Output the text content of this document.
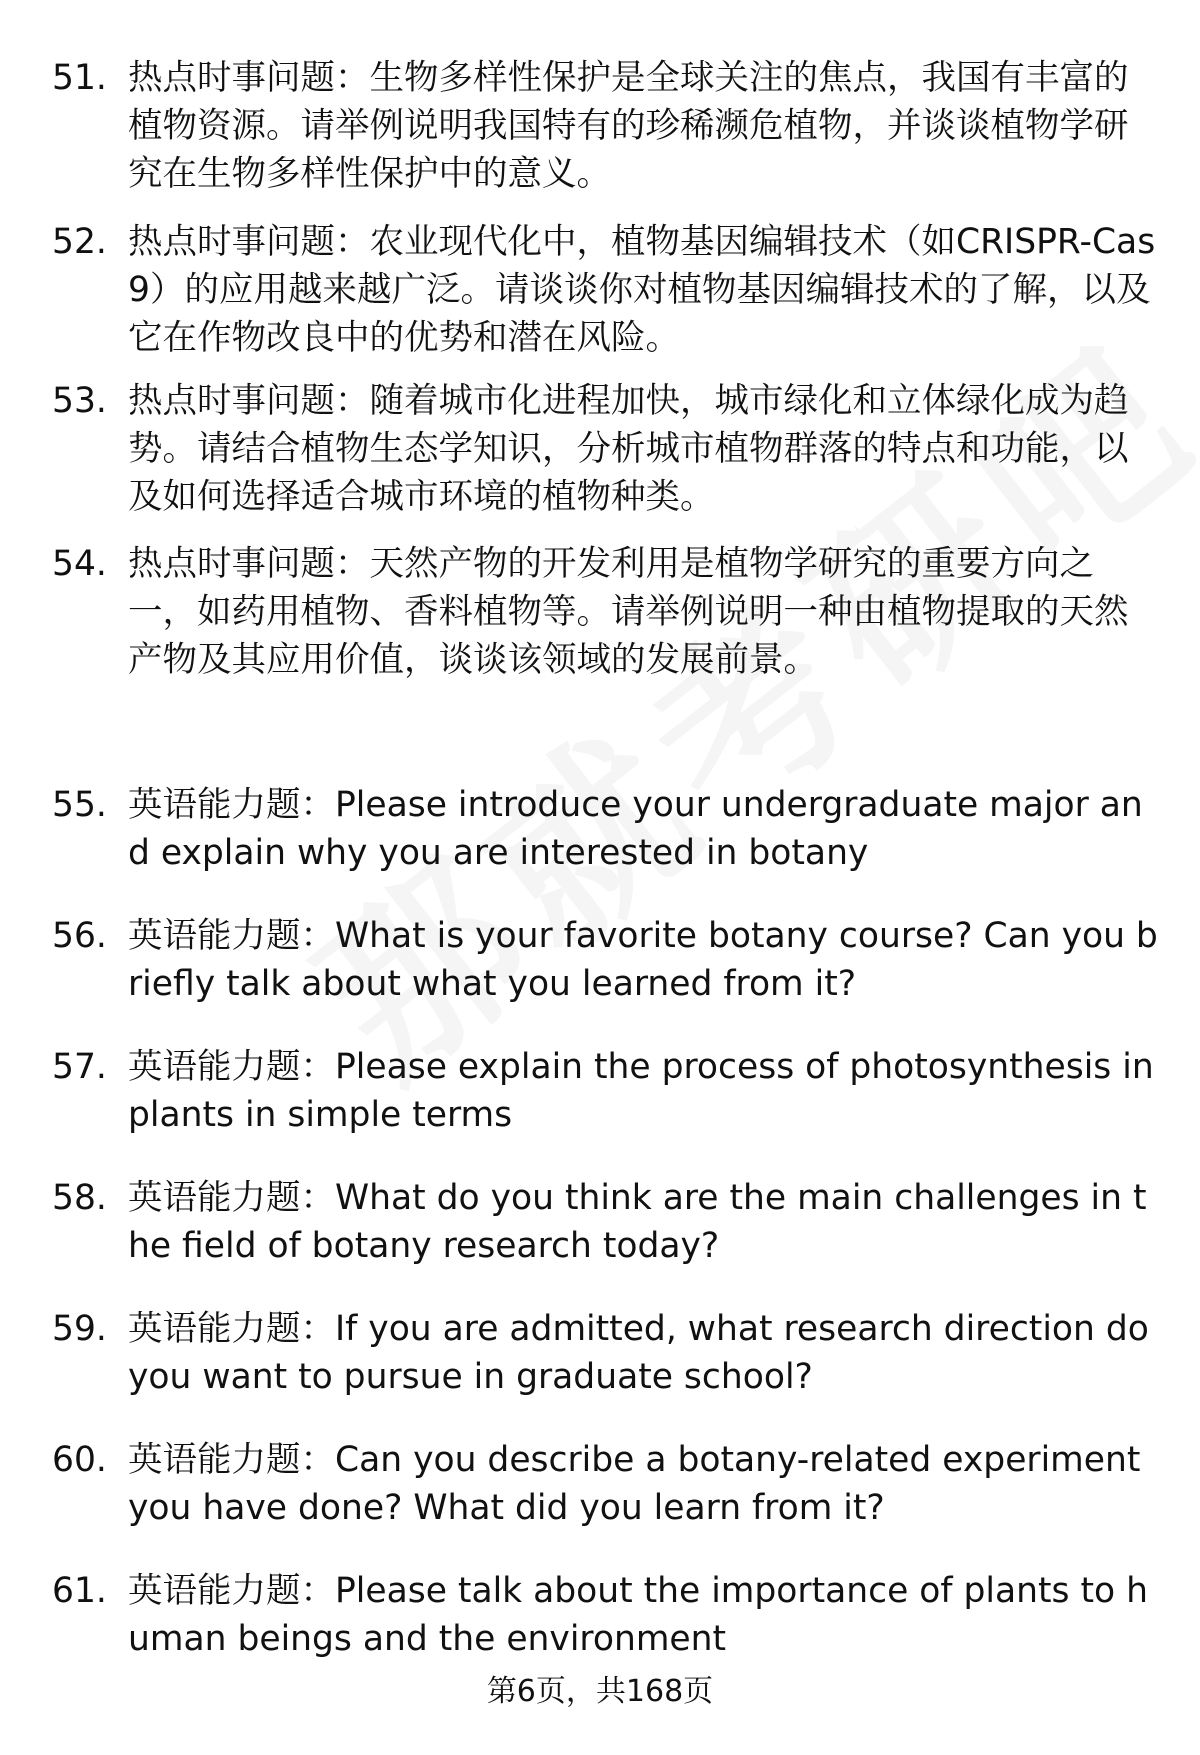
51. 热点时事问题：生物多样性保护是全球关注的焦点，我国有丰富的植物资源。请举例说明我国特有的珍稀濒危植物，并谈谈植物学研究在生物多样性保护中的意义。
52. 热点时事问题：农业现代化中，植物基因编辑技术（如CRISPR-Cas9）的应用越来越广泛。请谈谈你对植物基因编辑技术的了解，以及它在作物改良中的优势和潜在风险。
53. 热点时事问题：随着城市化进程加快，城市绿化和立体绿化成为趋势。请结合植物生态学知识，分析城市植物群落的特点和功能，以及如何选择适合城市环境的植物种类。
54. 热点时事问题：天然产物的开发利用是植物学研究的重要方向之一，如药用植物、香料植物等。请举例说明一种由植物提取的天然产物及其应用价值，谈谈该领域的发展前景。
55. 英语能力题：Please introduce your undergraduate major and explain why you are interested in botany
56. 英语能力题：What is your favorite botany course? Can you briefly talk about what you learned from it?
57. 英语能力题：Please explain the process of photosynthesis in plants in simple terms
58. 英语能力题：What do you think are the main challenges in the field of botany research today?
59. 英语能力题：If you are admitted, what research direction do you want to pursue in graduate school?
60. 英语能力题：Can you describe a botany-related experiment you have done? What did you learn from it?
61. 英语能力题：Please talk about the importance of plants to human beings and the environment
第6页，共168页
